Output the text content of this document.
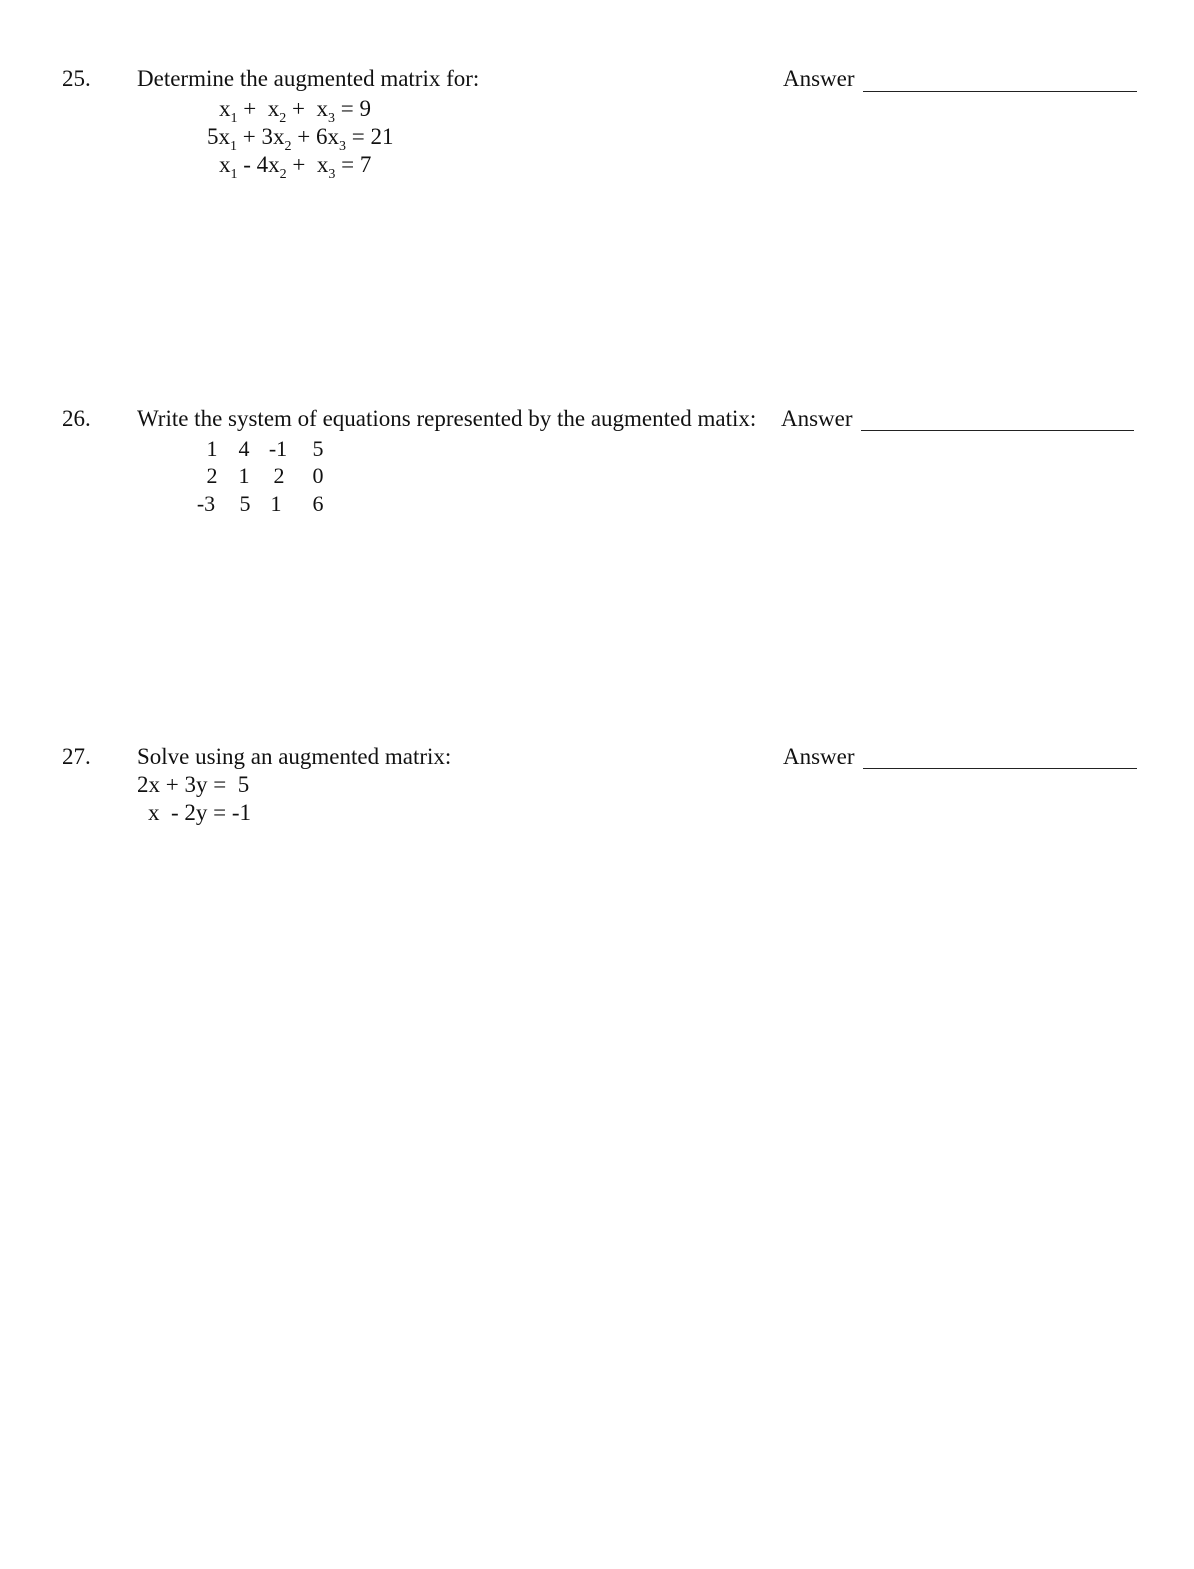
25. Determine the augmented matrix for:	Answer
$x_1 + x_2 + x_3 = 9$
$5x_1 + 3x_2 + 6x_3 = 21$
$x_1 - 4x_2 + x_3 = 7$
26. Write the system of equations represented by the augmented matix: Answer
1 4 -1	5
2 1	2	0
-3	5 1	6
27. Solve using an augmented matrix:	Answer
2x + 3y =  5
x  - 2y = -1
